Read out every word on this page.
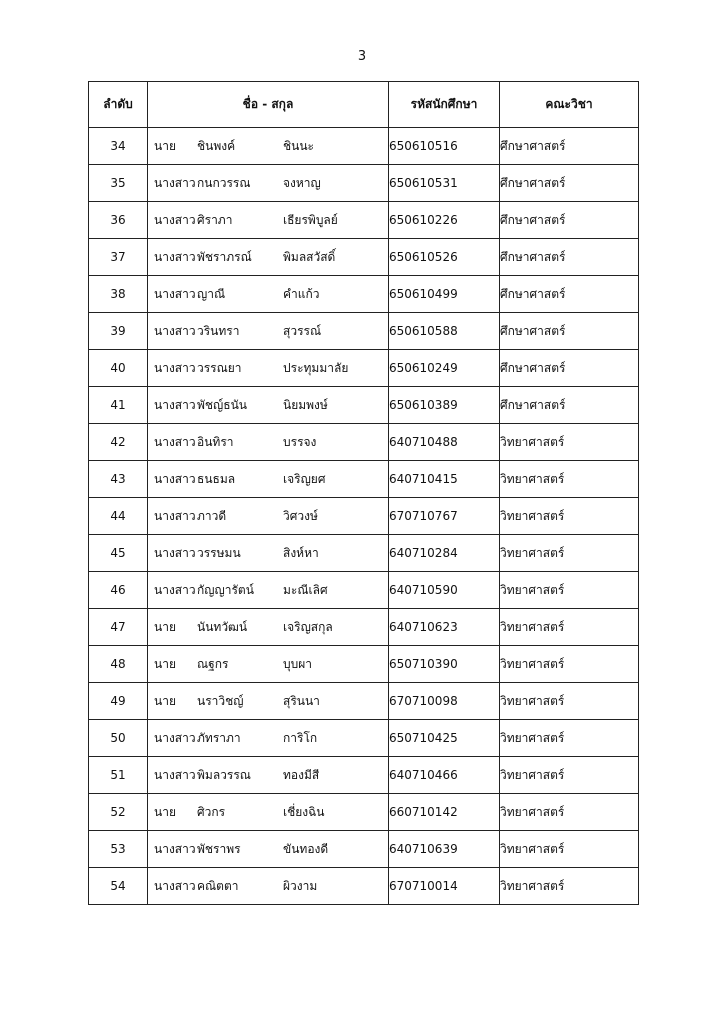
3
ลำดับ	ชื่อ - สกุล	รหัสนักศึกษา	คณะวิชา
34	นาย ชินพงค์ ชินนะ	650610516	ศึกษาศาสตร์
35	นางสาวกนกวรรณ จงหาญ	650610531	ศึกษาศาสตร์
36	นางสาวศิราภา เธียรพิบูลย์	650610226	ศึกษาศาสตร์
37	นางสาวพัชราภรณ์ พิมลสวัสดิ์	650610526	ศึกษาศาสตร์
38	นางสาวญาณี คำแก้ว	650610499	ศึกษาศาสตร์
39	นางสาววรินทรา สุวรรณ์	650610588	ศึกษาศาสตร์
40	นางสาววรรณยา ประทุมมาลัย	650610249	ศึกษาศาสตร์
41	นางสาวพัชญ์ธนัน นิยมพงษ์	650610389	ศึกษาศาสตร์
42	นางสาวอินทิรา บรรจง	640710488	วิทยาศาสตร์
43	นางสาวธนธมล เจริญยศ	640710415	วิทยาศาสตร์
44	นางสาวภาวดี วิศวงษ์	670710767	วิทยาศาสตร์
45	นางสาววรรษมน สิงห์หา	640710284	วิทยาศาสตร์
46	นางสาวกัญญารัตน์ มะณีเลิศ	640710590	วิทยาศาสตร์
47	นาย นันทวัฒน์ เจริญสกุล	640710623	วิทยาศาสตร์
48	นาย ณฐกร บุบผา	650710390	วิทยาศาสตร์
49	นาย นราวิชญ์ สุรินนา	670710098	วิทยาศาสตร์
50	นางสาวภัทราภา การิโก	650710425	วิทยาศาสตร์
51	นางสาวพิมลวรรณ ทองมีสี	640710466	วิทยาศาสตร์
52	นาย ศิวกร เชี่ยงฉิน	660710142	วิทยาศาสตร์
53	นางสาวพัชราพร ขันทองดี	640710639	วิทยาศาสตร์
54	นางสาวคณิตตา ผิวงาม	670710014	วิทยาศาสตร์
